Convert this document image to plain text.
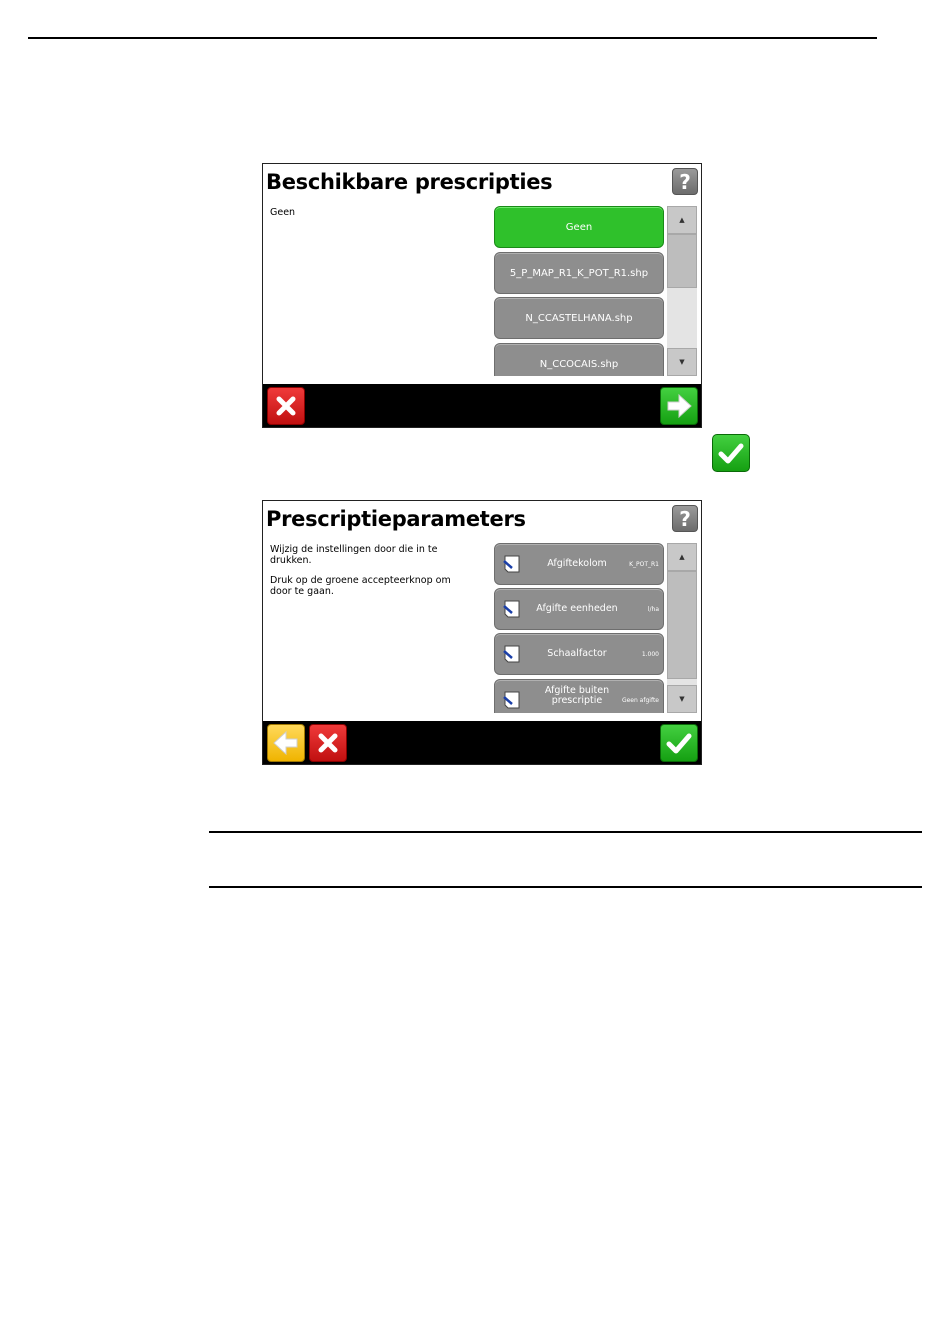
Beschikbare prescripties	?
Geen
Geen
5_P_MAP_R1_K_POT_R1.shp
N_CCASTELHANA.shp
N_CCOCAIS.shp
▲
▼
Prescriptieparameters	?
Wijzig de instellingen door die in te drukken.
Druk op de groene accepteerknop om door te gaan.
Afgiftekolom	K_POT_R1
Afgifte eenheden	l/ha
Schaalfactor	1.000
Afgifte buiten prescriptie	Geen afgifte
▲
▼
